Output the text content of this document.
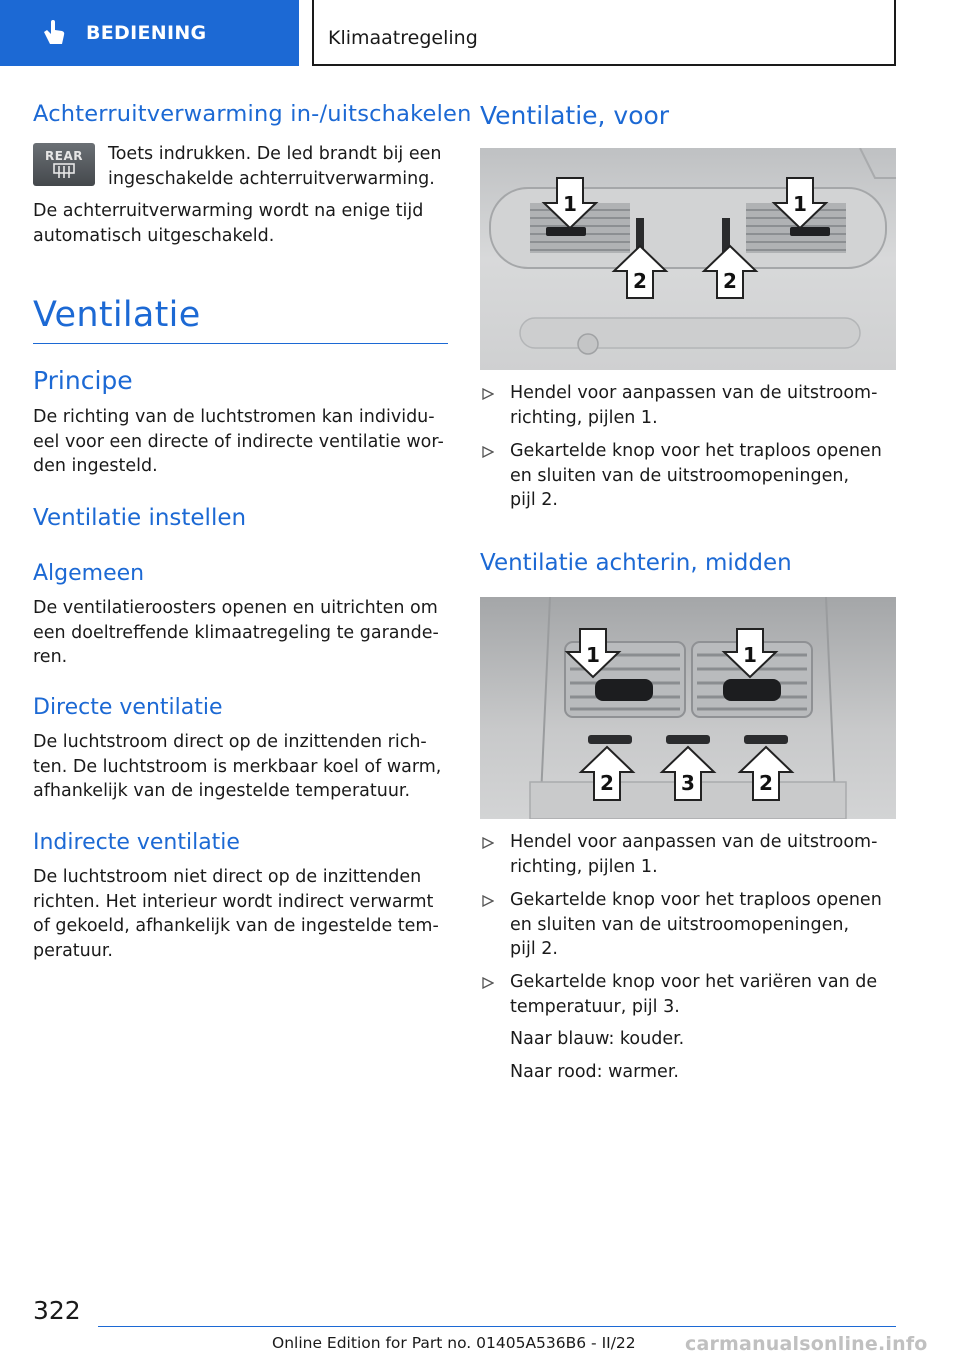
BEDIENING	Klimaatregeling
Achterruitverwarming in-/uitschakelen
REAR Toets indrukken. De led brandt bij een
ingeschakelde achterruitverwarming.
De achterruitverwarming wordt na enige tijd
automatisch uitgeschakeld.
Ventilatie
Principe
De richting van de luchtstromen kan individu-
eel voor een directe of indirecte ventilatie wor-
den ingesteld.
Ventilatie instellen
Algemeen
De ventilatieroosters openen en uitrichten om
een doeltreffende klimaatregeling te garande-
ren.
Directe ventilatie
De luchtstroom direct op de inzittenden rich-
ten. De luchtstroom is merkbaar koel of warm,
afhankelijk van de ingestelde temperatuur.
Indirecte ventilatie
De luchtstroom niet direct op de inzittenden
richten. Het interieur wordt indirect verwarmt
of gekoeld, afhankelijk van de ingestelde tem-
peratuur.
Ventilatie, voor
1	1
2	2
Hendel voor aanpassen van de uitstroom-
richting, pijlen 1.
Gekartelde knop voor het traploos openen
en sluiten van de uitstroomopeningen,
pijl 2.
Ventilatie achterin, midden
1	1
2	3	2
Hendel voor aanpassen van de uitstroom-
richting, pijlen 1.
Gekartelde knop voor het traploos openen
en sluiten van de uitstroomopeningen,
pijl 2.
Gekartelde knop voor het variëren van de
temperatuur, pijl 3.
Naar blauw: kouder.
Naar rood: warmer.
322
Online Edition for Part no. 01405A536B6 - II/22	carmanualsonline.info
